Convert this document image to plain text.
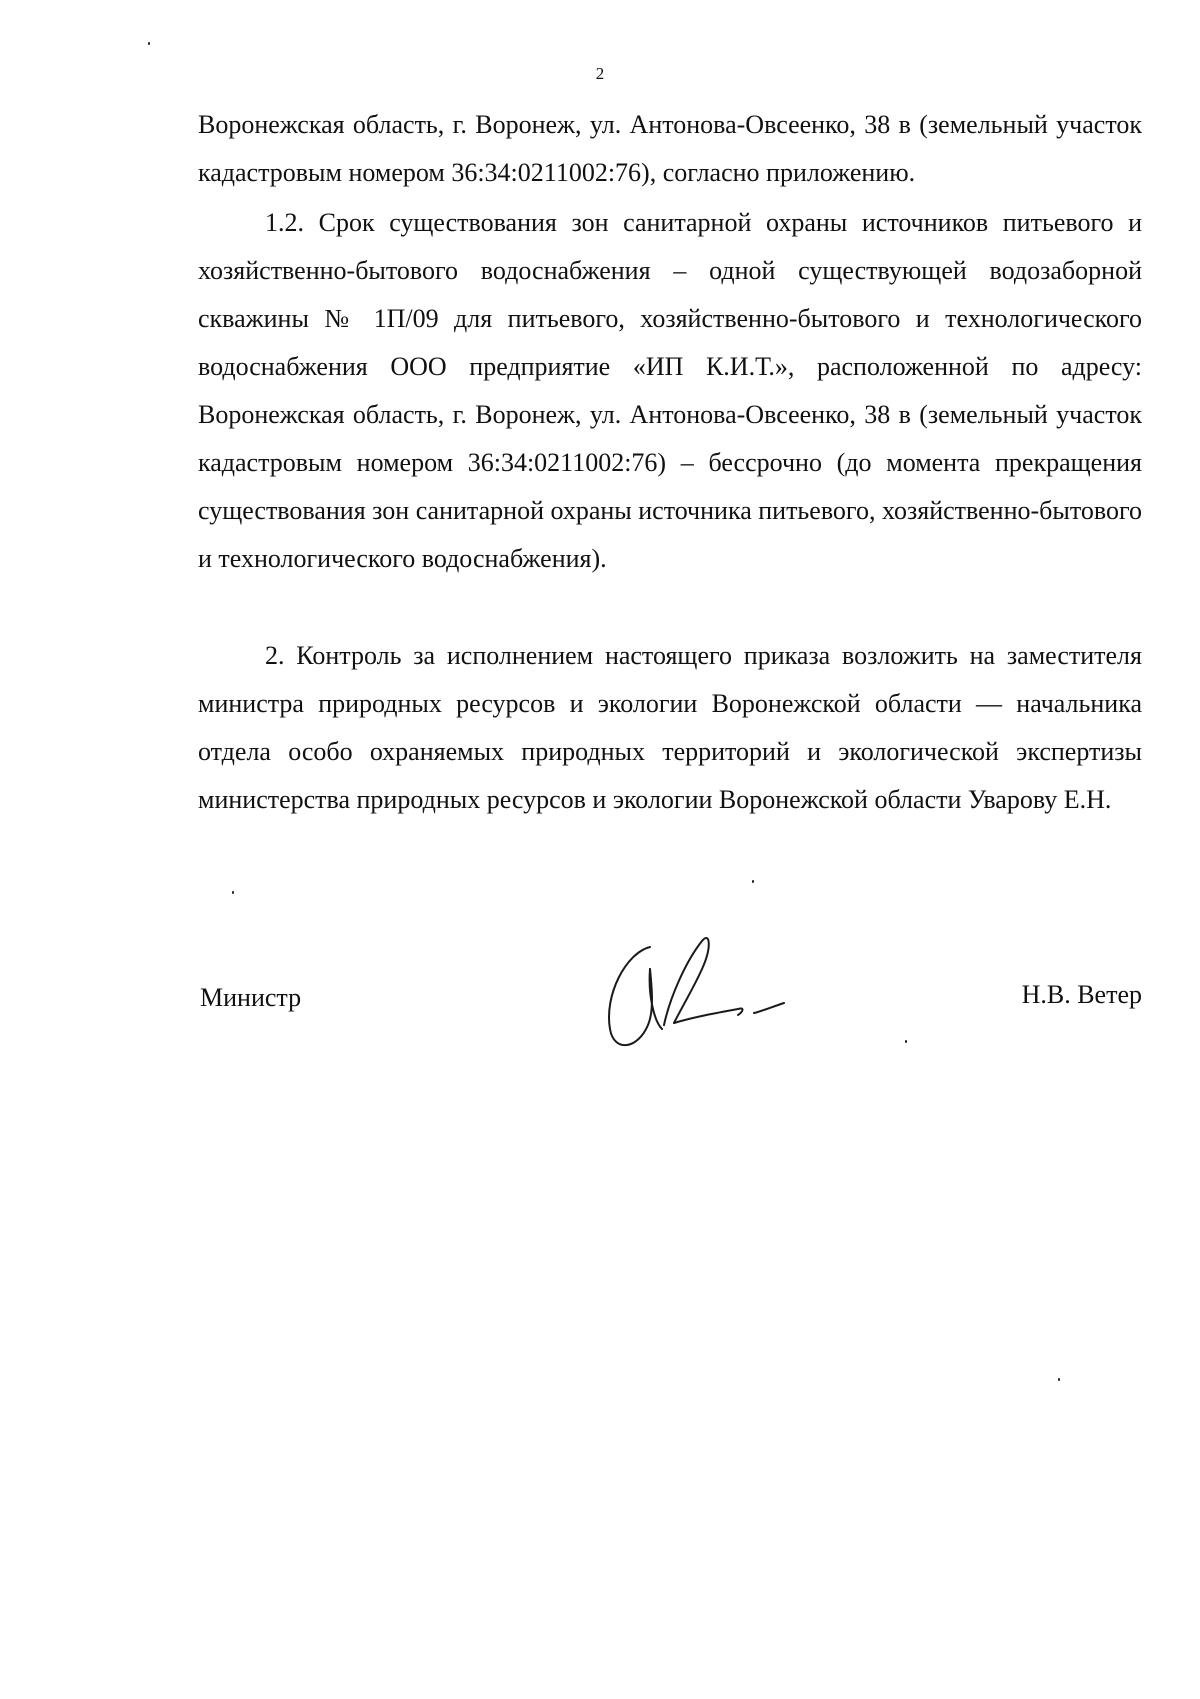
2

Воронежская область, г. Воронеж, ул. Антонова-Овсеенко, 38 в (земельный участок кадастровым номером 36:34:0211002:76), согласно приложению.

1.2. Срок существования зон санитарной охраны источников питьевого и хозяйственно-бытового водоснабжения – одной существующей водозаборной скважины № 1П/09 для питьевого, хозяйственно-бытового и технологического водоснабжения ООО предприятие «ИП К.И.Т.», расположенной по адресу: Воронежская область, г. Воронеж, ул. Антонова-Овсеенко, 38 в (земельный участок кадастровым номером 36:34:0211002:76) – бессрочно (до момента прекращения существования зон санитарной охраны источника питьевого, хозяйственно-бытового и технологического водоснабжения).

2. Контроль за исполнением настоящего приказа возложить на заместителя министра природных ресурсов и экологии Воронежской области — начальника отдела особо охраняемых природных территорий и экологической экспертизы министерства природных ресурсов и экологии Воронежской области Уварову Е.Н.

Министр	Н.В. Ветер
